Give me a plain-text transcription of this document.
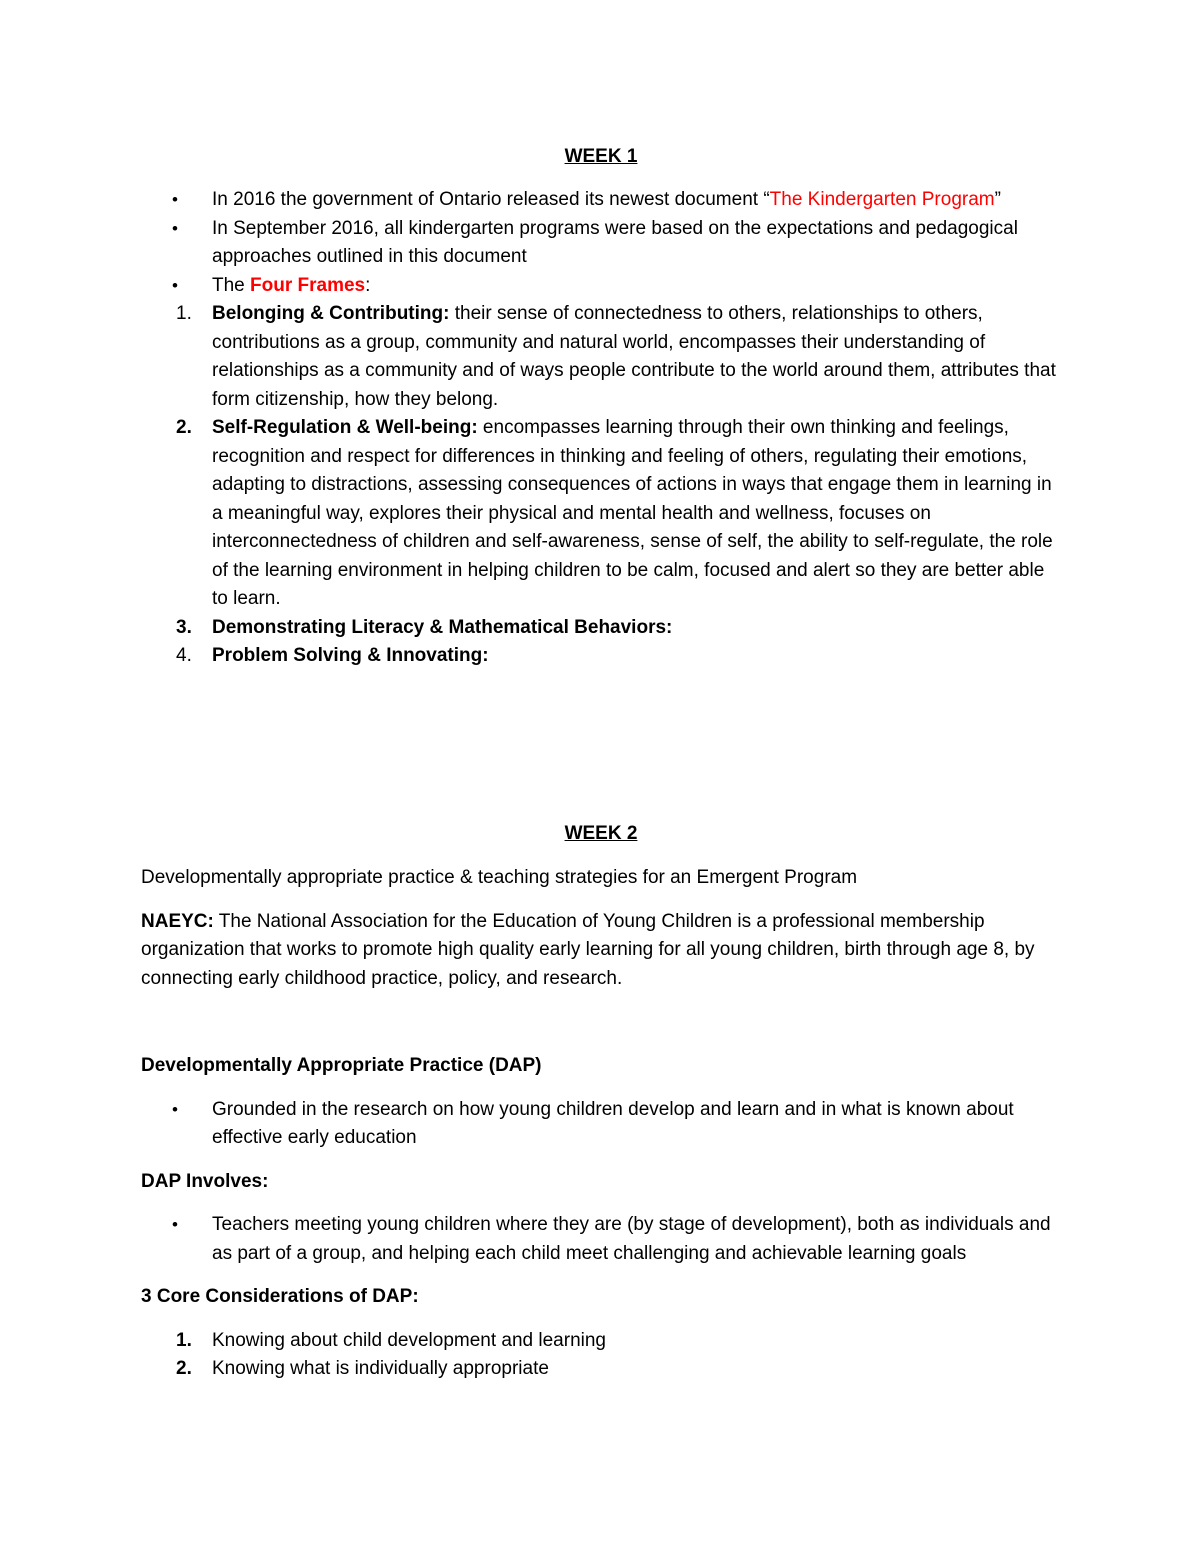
WEEK 1

• In 2016 the government of Ontario released its newest document “The Kindergarten Program”
• In September 2016, all kindergarten programs were based on the expectations and pedagogical approaches outlined in this document
• The Four Frames:
1. Belonging & Contributing: their sense of connectedness to others, relationships to others, contributions as a group, community and natural world, encompasses their understanding of relationships as a community and of ways people contribute to the world around them, attributes that form citizenship, how they belong.
2. Self-Regulation & Well-being: encompasses learning through their own thinking and feelings, recognition and respect for differences in thinking and feeling of others, regulating their emotions, adapting to distractions, assessing consequences of actions in ways that engage them in learning in a meaningful way, explores their physical and mental health and wellness, focuses on interconnectedness of children and self-awareness, sense of self, the ability to self-regulate, the role of the learning environment in helping children to be calm, focused and alert so they are better able to learn.
3. Demonstrating Literacy & Mathematical Behaviors:
4. Problem Solving & Innovating:

WEEK 2

Developmentally appropriate practice & teaching strategies for an Emergent Program

NAEYC: The National Association for the Education of Young Children is a professional membership organization that works to promote high quality early learning for all young children, birth through age 8, by connecting early childhood practice, policy, and research.

Developmentally Appropriate Practice (DAP)

• Grounded in the research on how young children develop and learn and in what is known about effective early education

DAP Involves:

• Teachers meeting young children where they are (by stage of development), both as individuals and as part of a group, and helping each child meet challenging and achievable learning goals

3 Core Considerations of DAP:

1. Knowing about child development and learning
2. Knowing what is individually appropriate
